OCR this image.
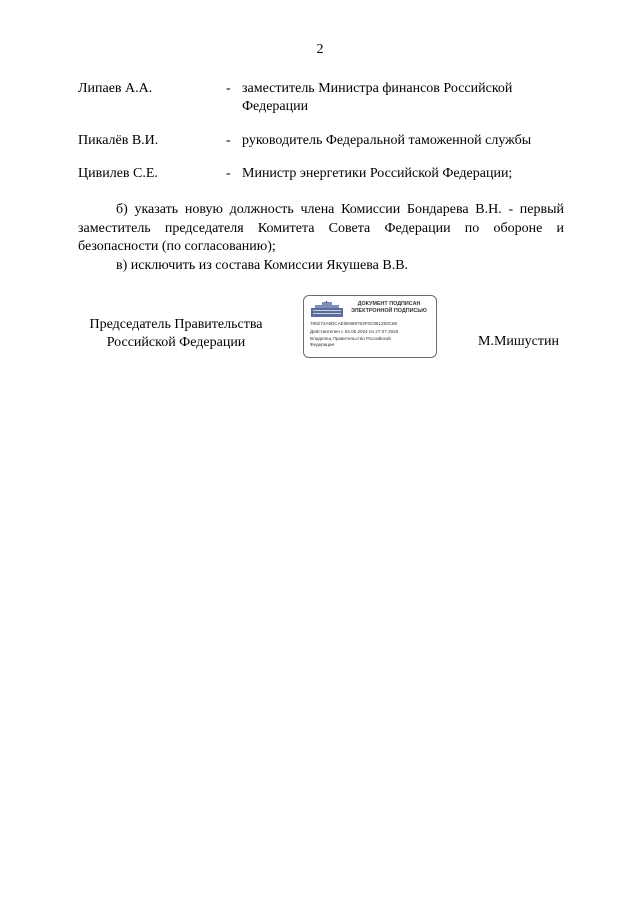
2
Липаев А.А.	- заместитель Министра финансов Российской Федерации
Пикалёв В.И.	- руководитель Федеральной таможенной службы
Цивилев С.Е.	- Министр энергетики Российской Федерации;
б) указать новую должность члена Комиссии Бондарева В.Н. - первый заместитель председателя Комитета Совета Федерации по обороне и безопасности (по согласованию);
в) исключить из состава Комиссии Якушева В.В.
Председатель Правительства
Российской Федерации
ДОКУМЕНТ ПОДПИСАН
ЭЛЕКТРОННОЙ ПОДПИСЬЮ
788274A9DCAE0E998783F0C861250C86
Действителен с 03.05.2024 по 27.07.2025
Владелец Правительство Российской
Федерации	М.Мишустин
